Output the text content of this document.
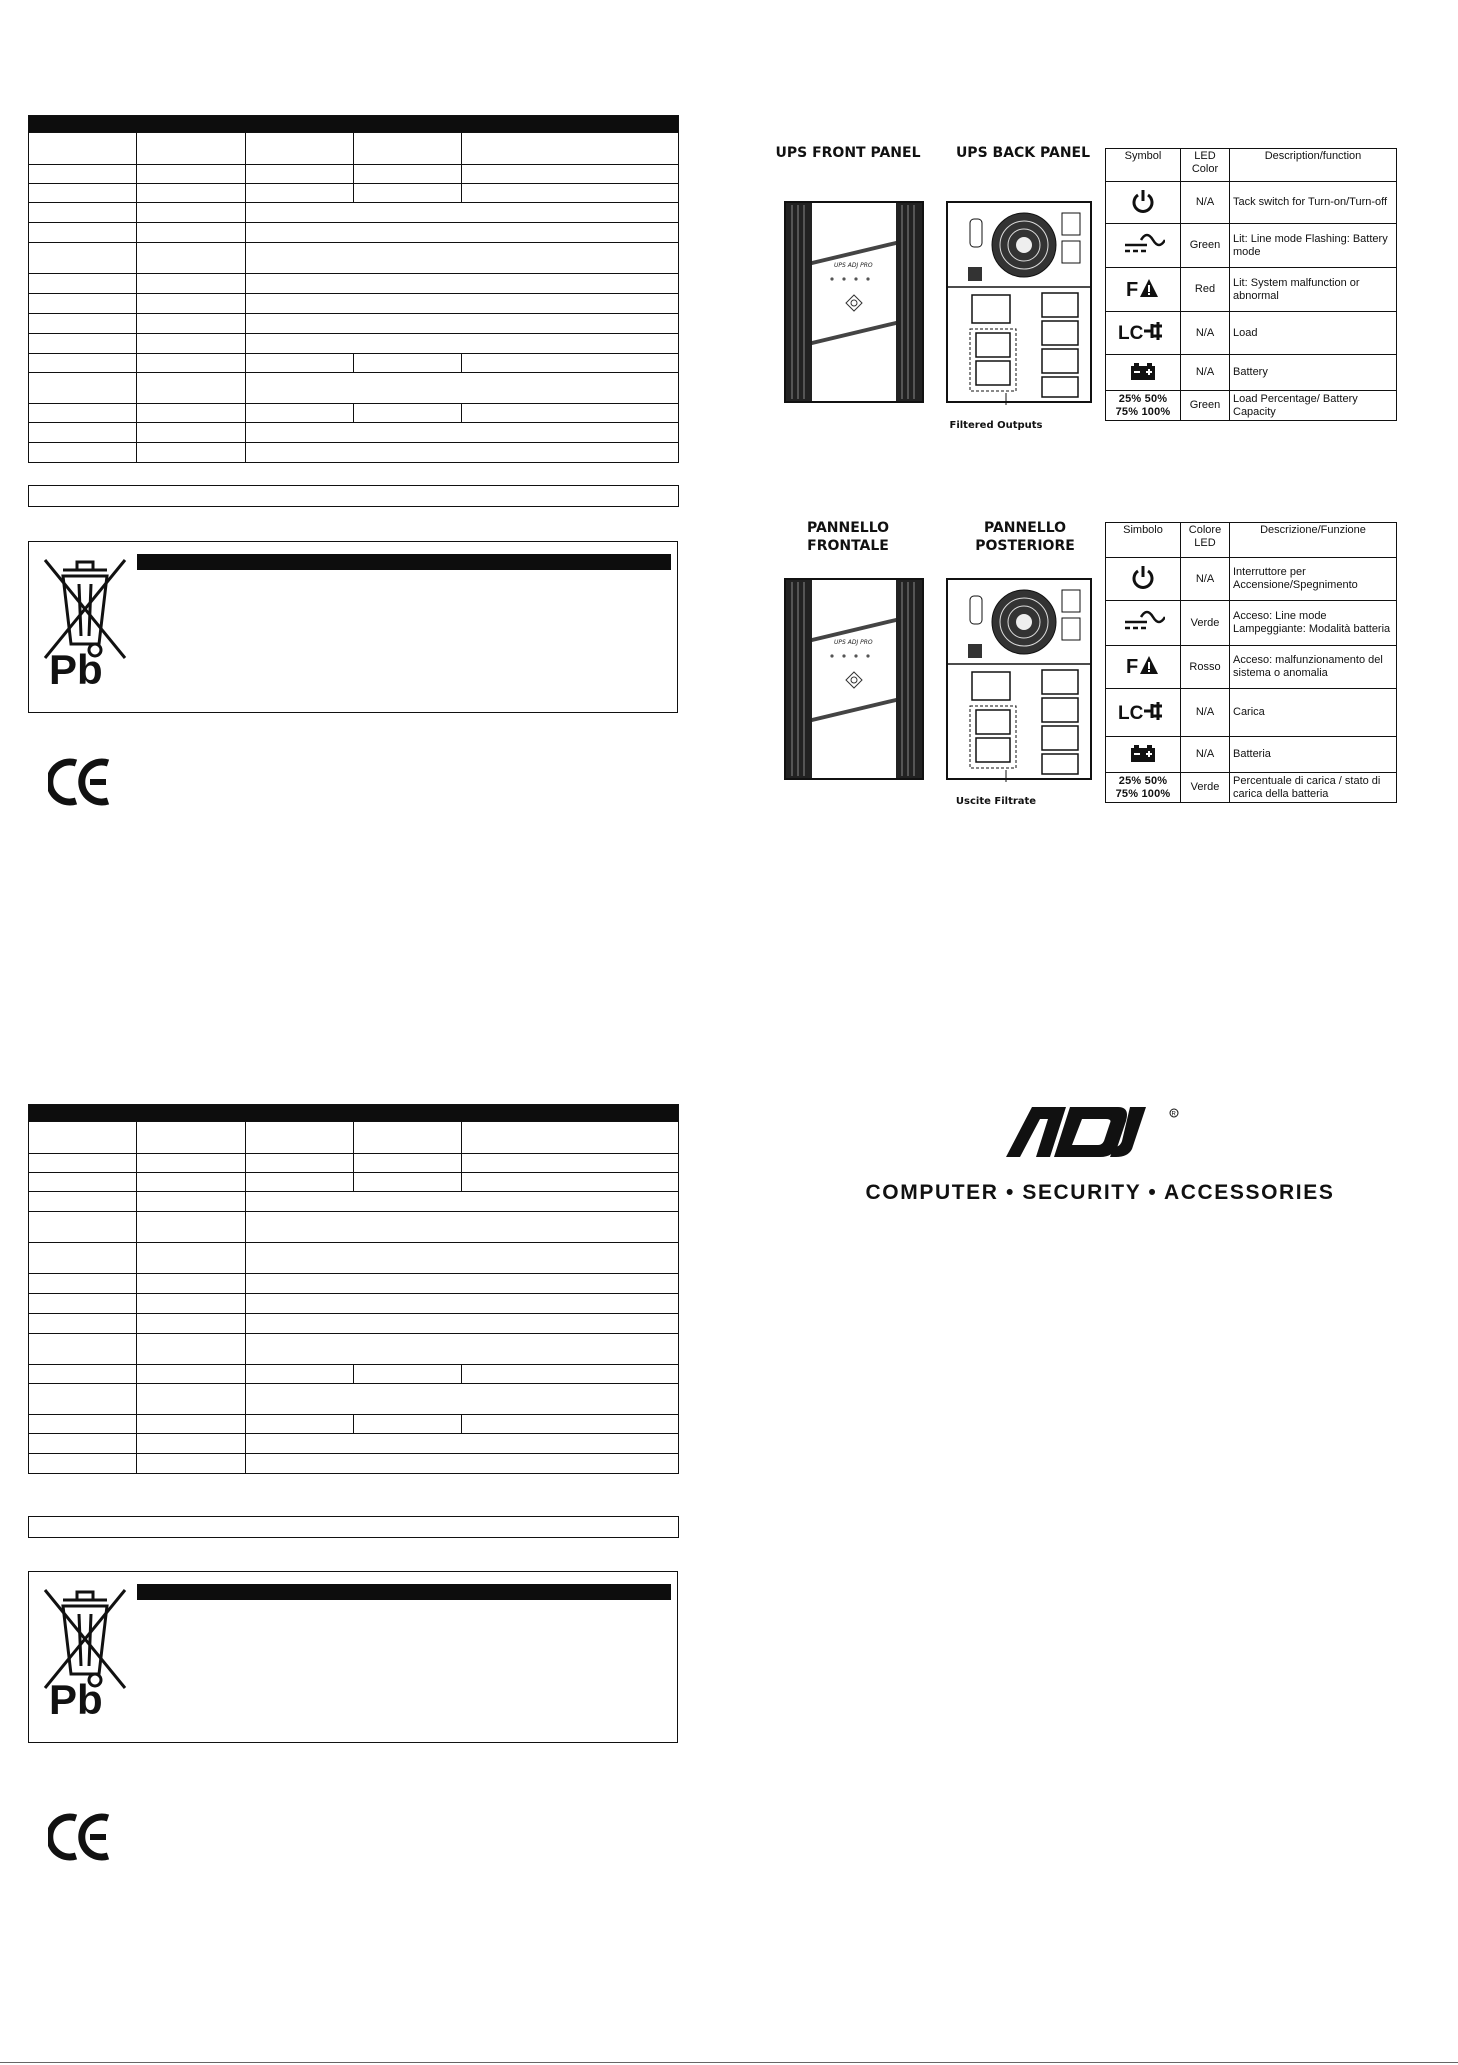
Pb

Pb
UPS FRONT PANEL	UPS BACK PANEL
UPS ADJ PRO
Filtered Outputs
Symbol	LED Color	Description/function
	N/A	Tack switch for Turn-on/Turn-off
	Green	Lit: Line mode Flashing: Battery mode

F	Red	Lit: System malfunction or abnormal

LC	N/A	Load
	N/A	Battery

25% 50%
75% 100%	Green	Load Percentage/ Battery Capacity
PANNELLO
FRONTALE
PANNELLO
POSTERIORE
UPS ADJ PRO
Uscite Filtrate
Simbolo	Colore LED	Descrizione/Funzione
	N/A	Interruttore per Accensione/Spegnimento
	Verde	Acceso: Line mode Lampeggiante: Modalità batteria

F	Rosso	Acceso: malfunzionamento del sistema o anomalia

LC	N/A	Carica
	N/A	Batteria

25% 50%
75% 100%	Verde	Percentuale di carica / stato di carica della batteria
R
COMPUTER • SECURITY • ACCESSORIES
